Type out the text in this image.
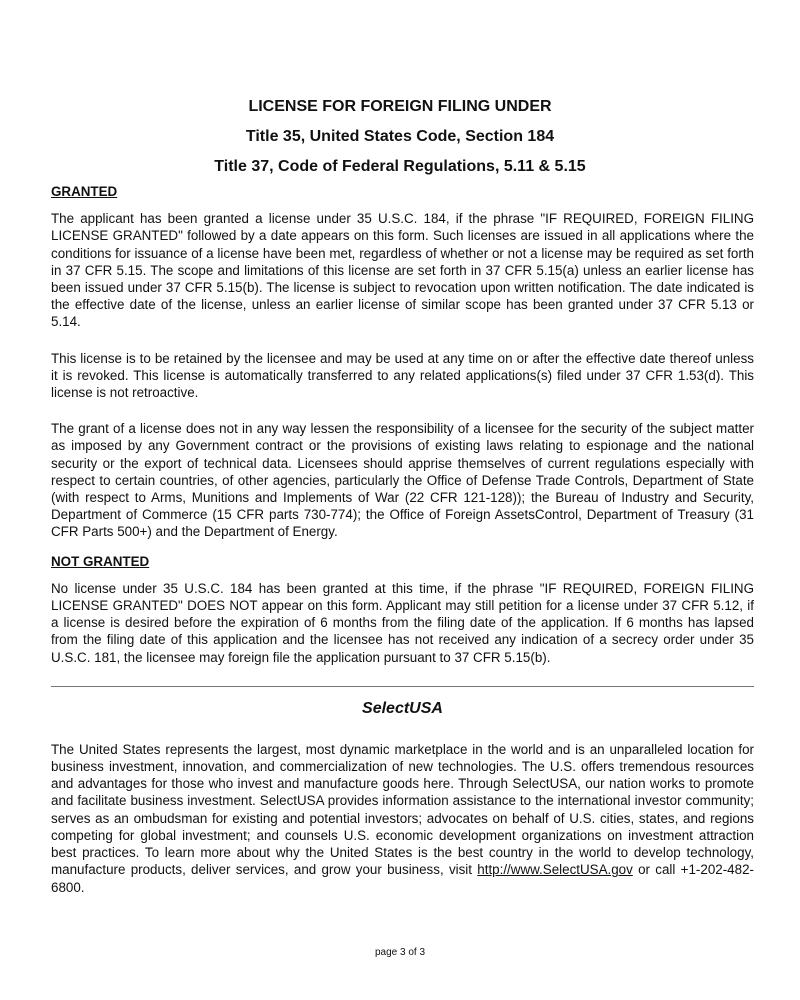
LICENSE FOR FOREIGN FILING UNDER

Title 35, United States Code, Section 184

Title 37, Code of Federal Regulations, 5.11 & 5.15

GRANTED

The applicant has been granted a license under 35 U.S.C. 184, if the phrase "IF REQUIRED, FOREIGN FILING LICENSE GRANTED" followed by a date appears on this form. Such licenses are issued in all applications where the conditions for issuance of a license have been met, regardless of whether or not a license may be required as set forth in 37 CFR 5.15. The scope and limitations of this license are set forth in 37 CFR 5.15(a) unless an earlier license has been issued under 37 CFR 5.15(b). The license is subject to revocation upon written notification. The date indicated is the effective date of the license, unless an earlier license of similar scope has been granted under 37 CFR 5.13 or 5.14.

This license is to be retained by the licensee and may be used at any time on or after the effective date thereof unless it is revoked. This license is automatically transferred to any related applications(s) filed under 37 CFR 1.53(d). This license is not retroactive.

The grant of a license does not in any way lessen the responsibility of a licensee for the security of the subject matter as imposed by any Government contract or the provisions of existing laws relating to espionage and the national security or the export of technical data. Licensees should apprise themselves of current regulations especially with respect to certain countries, of other agencies, particularly the Office of Defense Trade Controls, Department of State (with respect to Arms, Munitions and Implements of War (22 CFR 121-128)); the Bureau of Industry and Security, Department of Commerce (15 CFR parts 730-774); the Office of Foreign AssetsControl, Department of Treasury (31 CFR Parts 500+) and the Department of Energy.

NOT GRANTED

No license under 35 U.S.C. 184 has been granted at this time, if the phrase "IF REQUIRED, FOREIGN FILING LICENSE GRANTED" DOES NOT appear on this form. Applicant may still petition for a license under 37 CFR 5.12, if a license is desired before the expiration of 6 months from the filing date of the application. If 6 months has lapsed from the filing date of this application and the licensee has not received any indication of a secrecy order under 35 U.S.C. 181, the licensee may foreign file the application pursuant to 37 CFR 5.15(b).

SelectUSA

The United States represents the largest, most dynamic marketplace in the world and is an unparalleled location for business investment, innovation, and commercialization of new technologies. The U.S. offers tremendous resources and advantages for those who invest and manufacture goods here. Through SelectUSA, our nation works to promote and facilitate business investment. SelectUSA provides information assistance to the international investor community; serves as an ombudsman for existing and potential investors; advocates on behalf of U.S. cities, states, and regions competing for global investment; and counsels U.S. economic development organizations on investment attraction best practices. To learn more about why the United States is the best country in the world to develop technology, manufacture products, deliver services, and grow your business, visit http://www.SelectUSA.gov or call +1-202-482-6800.

page 3 of 3
